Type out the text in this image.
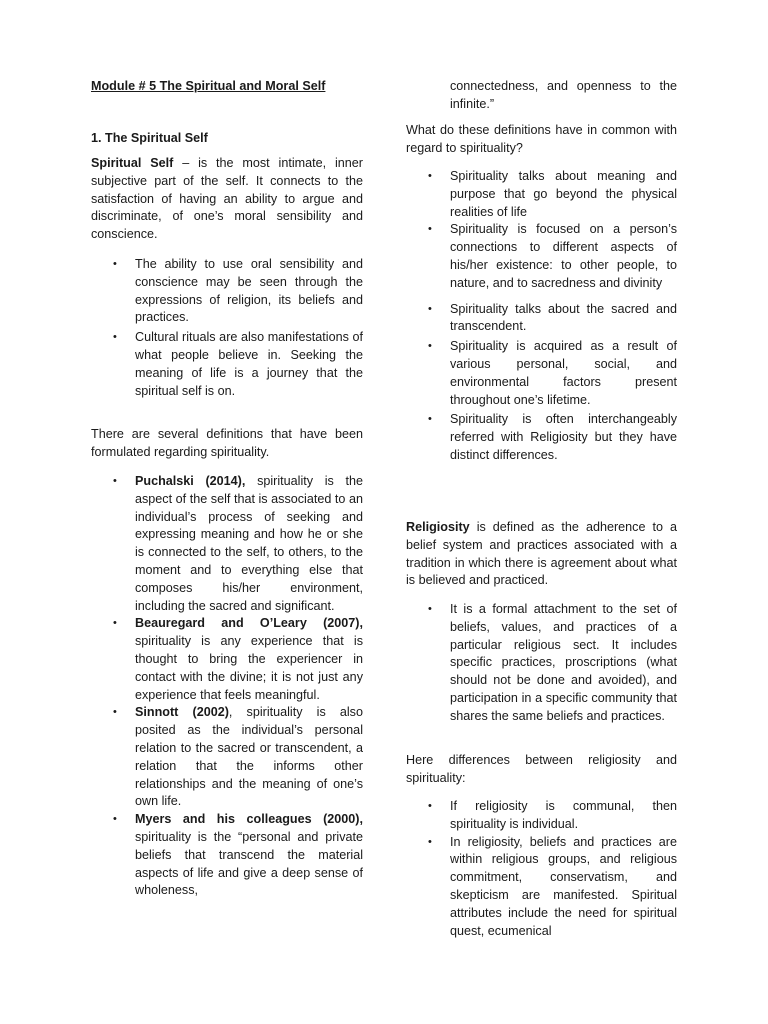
Module # 5 The Spiritual and Moral Self
1. The Spiritual Self

Spiritual Self – is the most intimate, inner subjective part of the self. It connects to the satisfaction of having an ability to argue and discriminate, of one’s moral sensibility and conscience.

• The ability to use oral sensibility and conscience may be seen through the expressions of religion, its beliefs and practices.
• Cultural rituals are also manifestations of what people believe in. Seeking the meaning of life is a journey that the spiritual self is on.

There are several definitions that have been formulated regarding spirituality.

• Puchalski (2014), spirituality is the aspect of the self that is associated to an individual’s process of seeking and expressing meaning and how he or she is connected to the self, to others, to the moment and to everything else that composes his/her environment, including the sacred and significant.
• Beauregard and O’Leary (2007), spirituality is any experience that is thought to bring the experiencer in contact with the divine; it is not just any experience that feels meaningful.
• Sinnott (2002), spirituality is also posited as the individual’s personal relation to the sacred or transcendent, a relation that the informs other relationships and the meaning of one’s own life.
• Myers and his colleagues (2000), spirituality is the “personal and private beliefs that transcend the material aspects of life and give a deep sense of wholeness,

connectedness, and openness to the infinite.”

What do these definitions have in common with regard to spirituality?

• Spirituality talks about meaning and purpose that go beyond the physical realities of life
• Spirituality is focused on a person’s connections to different aspects of his/her existence: to other people, to nature, and to sacredness and divinity
• Spirituality talks about the sacred and transcendent.
• Spirituality is acquired as a result of various personal, social, and environmental factors present throughout one’s lifetime.
• Spirituality is often interchangeably referred with Religiosity but they have distinct differences.

Religiosity is defined as the adherence to a belief system and practices associated with a tradition in which there is agreement about what is believed and practiced.

• It is a formal attachment to the set of beliefs, values, and practices of a particular religious sect. It includes specific practices, proscriptions (what should not be done and avoided), and participation in a specific community that shares the same beliefs and practices.

Here differences between religiosity and spirituality:

• If religiosity is communal, then spirituality is individual.
• In religiosity, beliefs and practices are within religious groups, and religious commitment, conservatism, and skepticism are manifested. Spiritual attributes include the need for spiritual quest, ecumenical
